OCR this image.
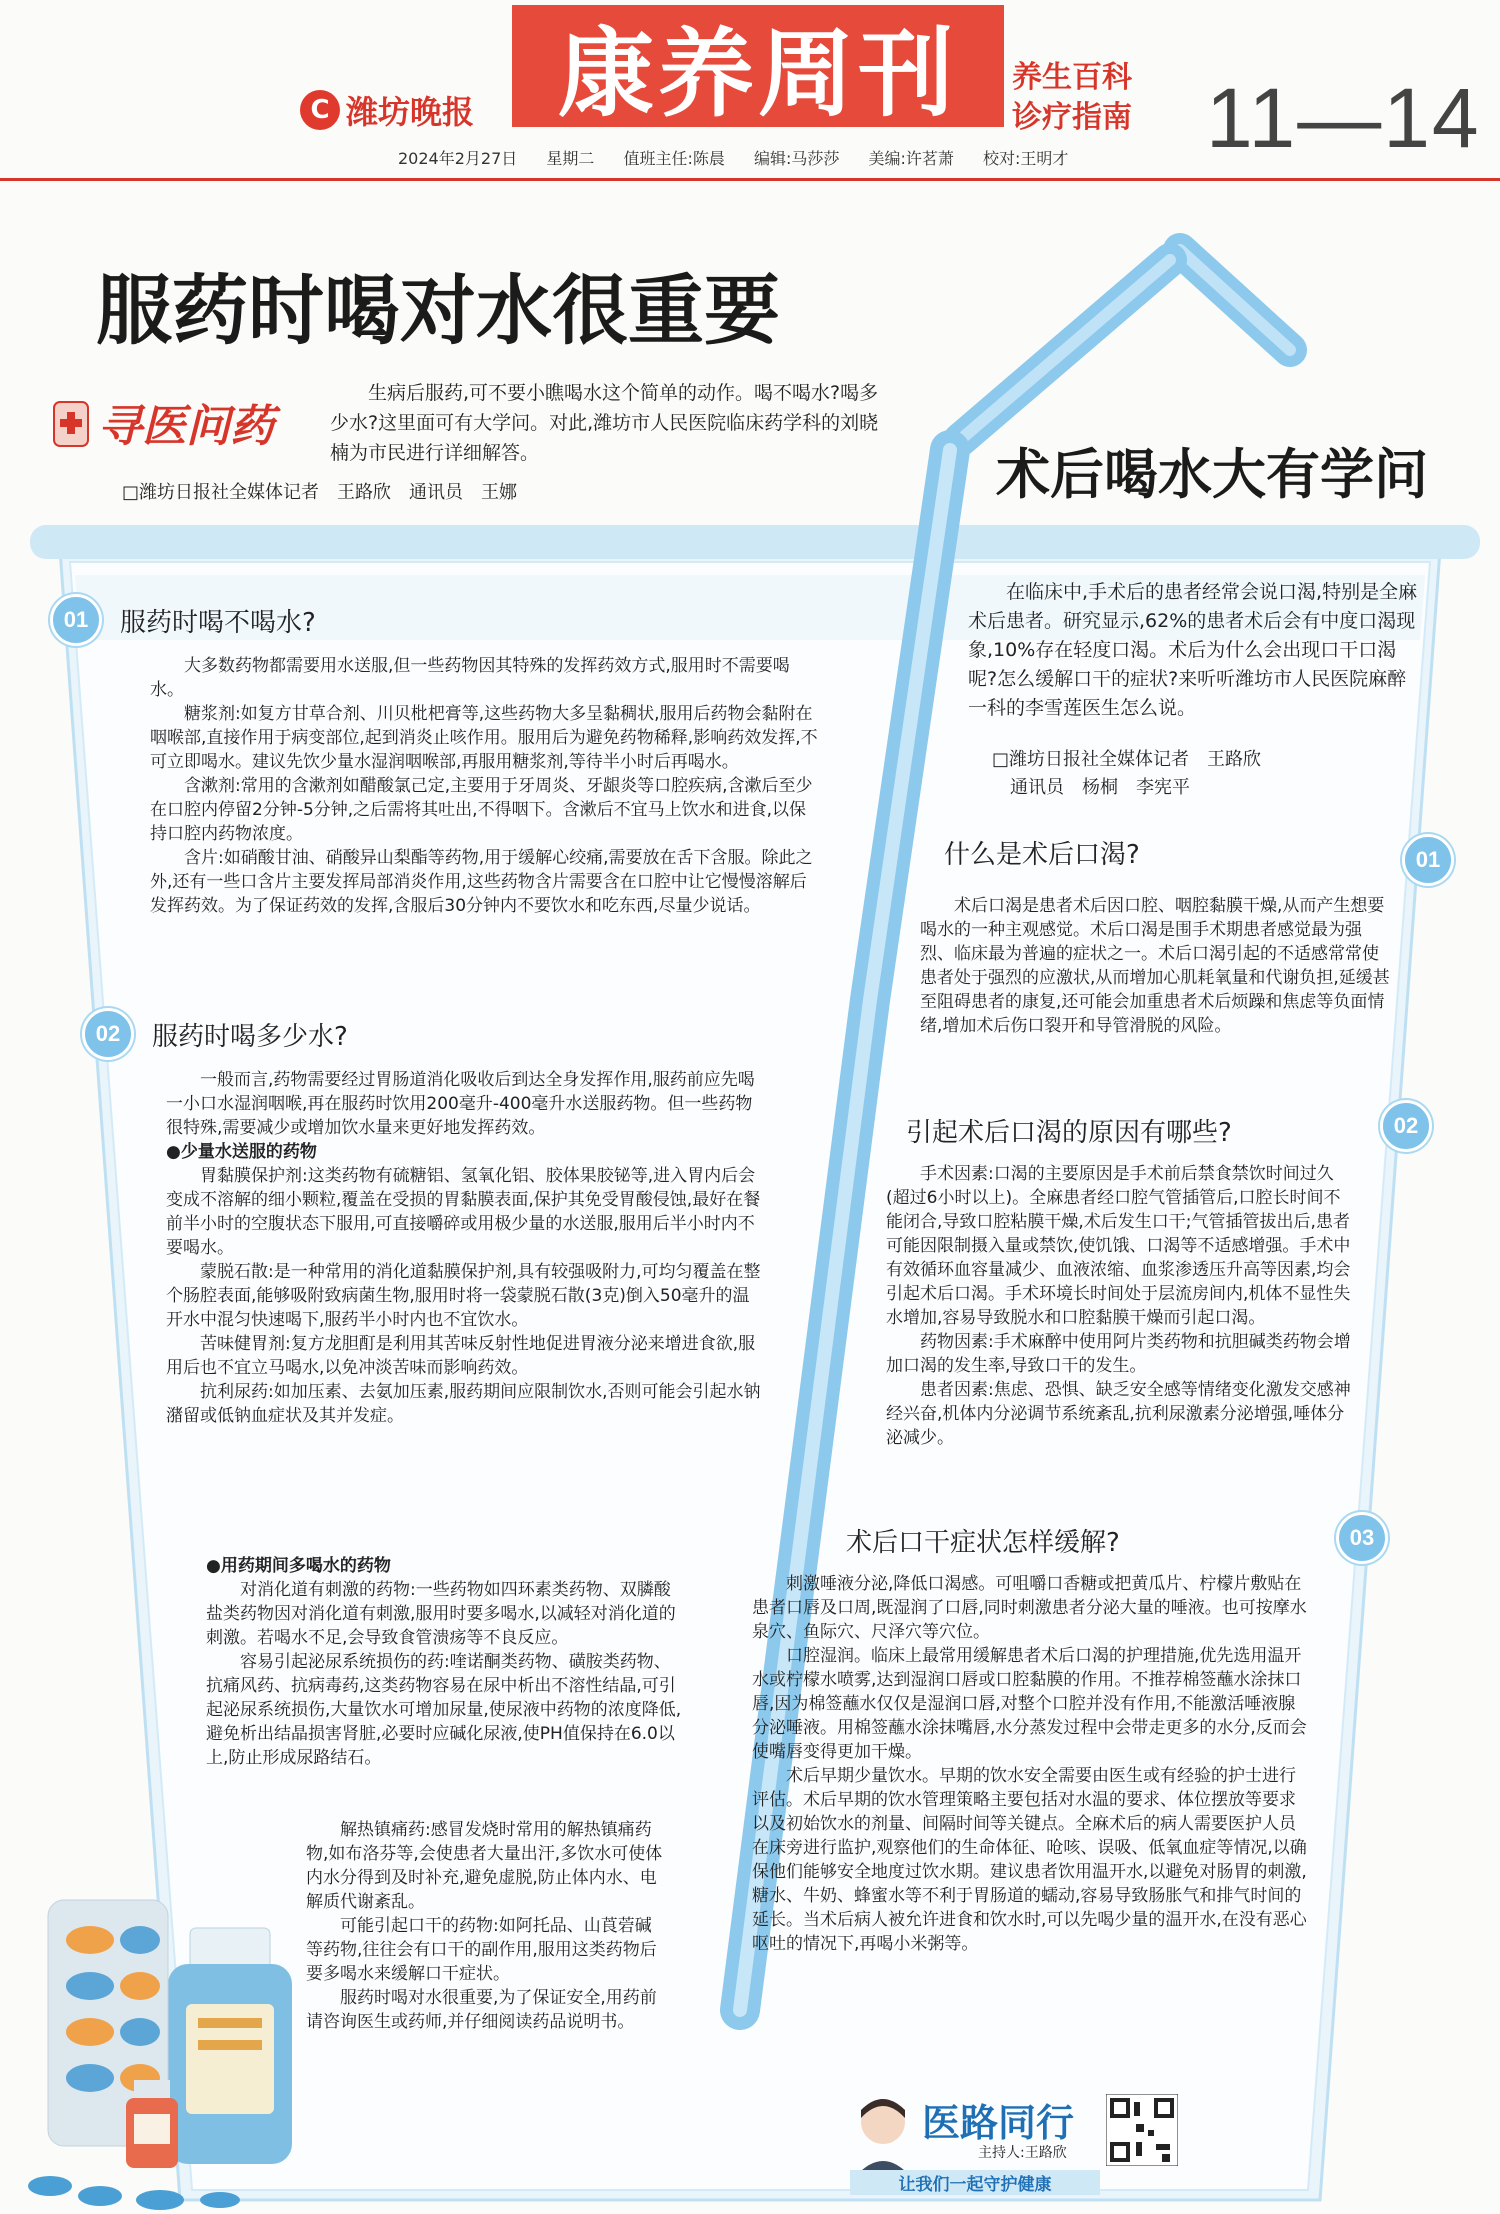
C 潍坊晚报 康养周刊 养生百科
诊疗指南 11—14
2024年2月27日 星期二 值班主任:陈晨 编辑:马莎莎 美编:许茗萧 校对:王明才
服药时喝对水很重要
术后喝水大有学问
寻医问药
生病后服药,可不要小瞧喝水这个简单的动作。喝不喝水?喝多少水?这里面可有大学问。对此,潍坊市人民医院临床药学科的刘晓楠为市民进行详细解答。
□潍坊日报社全媒体记者　王路欣　通讯员　王娜
01	服药时喝不喝水?

大多数药物都需要用水送服,但一些药物因其特殊的发挥药效方式,服用时不需要喝水。

糖浆剂:如复方甘草合剂、川贝枇杷膏等,这些药物大多呈黏稠状,服用后药物会黏附在咽喉部,直接作用于病变部位,起到消炎止咳作用。服用后为避免药物稀释,影响药效发挥,不可立即喝水。建议先饮少量水湿润咽喉部,再服用糖浆剂,等待半小时后再喝水。

含漱剂:常用的含漱剂如醋酸氯己定,主要用于牙周炎、牙龈炎等口腔疾病,含漱后至少在口腔内停留2分钟-5分钟,之后需将其吐出,不得咽下。含漱后不宜马上饮水和进食,以保持口腔内药物浓度。

含片:如硝酸甘油、硝酸异山梨酯等药物,用于缓解心绞痛,需要放在舌下含服。除此之外,还有一些口含片主要发挥局部消炎作用,这些药物含片需要含在口腔中让它慢慢溶解后发挥药效。为了保证药效的发挥,含服后30分钟内不要饮水和吃东西,尽量少说话。

02	服药时喝多少水?

一般而言,药物需要经过胃肠道消化吸收后到达全身发挥作用,服药前应先喝一小口水湿润咽喉,再在服药时饮用200毫升-400毫升水送服药物。但一些药物很特殊,需要减少或增加饮水量来更好地发挥药效。

●少量水送服的药物

胃黏膜保护剂:这类药物有硫糖铝、氢氧化铝、胶体果胶铋等,进入胃内后会变成不溶解的细小颗粒,覆盖在受损的胃黏膜表面,保护其免受胃酸侵蚀,最好在餐前半小时的空腹状态下服用,可直接嚼碎或用极少量的水送服,服用后半小时内不要喝水。

蒙脱石散:是一种常用的消化道黏膜保护剂,具有较强吸附力,可均匀覆盖在整个肠腔表面,能够吸附致病菌生物,服用时将一袋蒙脱石散(3克)倒入50毫升的温开水中混匀快速喝下,服药半小时内也不宜饮水。

苦味健胃剂:复方龙胆酊是利用其苦味反射性地促进胃液分泌来增进食欲,服用后也不宜立马喝水,以免冲淡苦味而影响药效。

抗利尿药:如加压素、去氨加压素,服药期间应限制饮水,否则可能会引起水钠潴留或低钠血症状及其并发症。

●用药期间多喝水的药物

对消化道有刺激的药物:一些药物如四环素类药物、双膦酸盐类药物因对消化道有刺激,服用时要多喝水,以减轻对消化道的刺激。若喝水不足,会导致食管溃疡等不良反应。

容易引起泌尿系统损伤的药:喹诺酮类药物、磺胺类药物、抗痛风药、抗病毒药,这类药物容易在尿中析出不溶性结晶,可引起泌尿系统损伤,大量饮水可增加尿量,使尿液中药物的浓度降低,避免析出结晶损害肾脏,必要时应碱化尿液,使PH值保持在6.0以上,防止形成尿路结石。

解热镇痛药:感冒发烧时常用的解热镇痛药物,如布洛芬等,会使患者大量出汗,多饮水可使体内水分得到及时补充,避免虚脱,防止体内水、电解质代谢紊乱。

可能引起口干的药物:如阿托品、山莨菪碱等药物,往往会有口干的副作用,服用这类药物后要多喝水来缓解口干症状。

服药时喝对水很重要,为了保证安全,用药前请咨询医生或药师,并仔细阅读药品说明书。

在临床中,手术后的患者经常会说口渴,特别是全麻术后患者。研究显示,62%的患者术后会有中度口渴现象,10%存在轻度口渴。术后为什么会出现口干口渴呢?怎么缓解口干的症状?来听听潍坊市人民医院麻醉一科的李雪莲医生怎么说。
□潍坊日报社全媒体记者　王路欣
通讯员　杨桐　李宪平
什么是术后口渴?	01

术后口渴是患者术后因口腔、咽腔黏膜干燥,从而产生想要喝水的一种主观感觉。术后口渴是围手术期患者感觉最为强烈、临床最为普遍的症状之一。术后口渴引起的不适感常常使患者处于强烈的应激状,从而增加心肌耗氧量和代谢负担,延缓甚至阻碍患者的康复,还可能会加重患者术后烦躁和焦虑等负面情绪,增加术后伤口裂开和导管滑脱的风险。

引起术后口渴的原因有哪些?	02

手术因素:口渴的主要原因是手术前后禁食禁饮时间过久(超过6小时以上)。全麻患者经口腔气管插管后,口腔长时间不能闭合,导致口腔粘膜干燥,术后发生口干;气管插管拔出后,患者可能因限制摄入量或禁饮,使饥饿、口渴等不适感增强。手术中有效循环血容量减少、血液浓缩、血浆渗透压升高等因素,均会引起术后口渴。手术环境长时间处于层流房间内,机体不显性失水增加,容易导致脱水和口腔黏膜干燥而引起口渴。

药物因素:手术麻醉中使用阿片类药物和抗胆碱类药物会增加口渴的发生率,导致口干的发生。

患者因素:焦虑、恐惧、缺乏安全感等情绪变化激发交感神经兴奋,机体内分泌调节系统紊乱,抗利尿激素分泌增强,唾体分泌减少。

术后口干症状怎样缓解?	03

刺激唾液分泌,降低口渴感。可咀嚼口香糖或把黄瓜片、柠檬片敷贴在患者口唇及口周,既湿润了口唇,同时刺激患者分泌大量的唾液。也可按摩水泉穴、鱼际穴、尺泽穴等穴位。

口腔湿润。临床上最常用缓解患者术后口渴的护理措施,优先选用温开水或柠檬水喷雾,达到湿润口唇或口腔黏膜的作用。不推荐棉签蘸水涂抹口唇,因为棉签蘸水仅仅是湿润口唇,对整个口腔并没有作用,不能激活唾液腺分泌唾液。用棉签蘸水涂抹嘴唇,水分蒸发过程中会带走更多的水分,反而会使嘴唇变得更加干燥。

术后早期少量饮水。早期的饮水安全需要由医生或有经验的护士进行评估。术后早期的饮水管理策略主要包括对水温的要求、体位摆放等要求以及初始饮水的剂量、间隔时间等关键点。全麻术后的病人需要医护人员在床旁进行监护,观察他们的生命体征、呛咳、误吸、低氧血症等情况,以确保他们能够安全地度过饮水期。建议患者饮用温开水,以避免对肠胃的刺激,糖水、牛奶、蜂蜜水等不利于胃肠道的蠕动,容易导致肠胀气和排气时间的延长。当术后病人被允许进食和饮水时,可以先喝少量的温开水,在没有恶心呕吐的情况下,再喝小米粥等。

医路同行
主持人:王路欣
让我们一起守护健康
